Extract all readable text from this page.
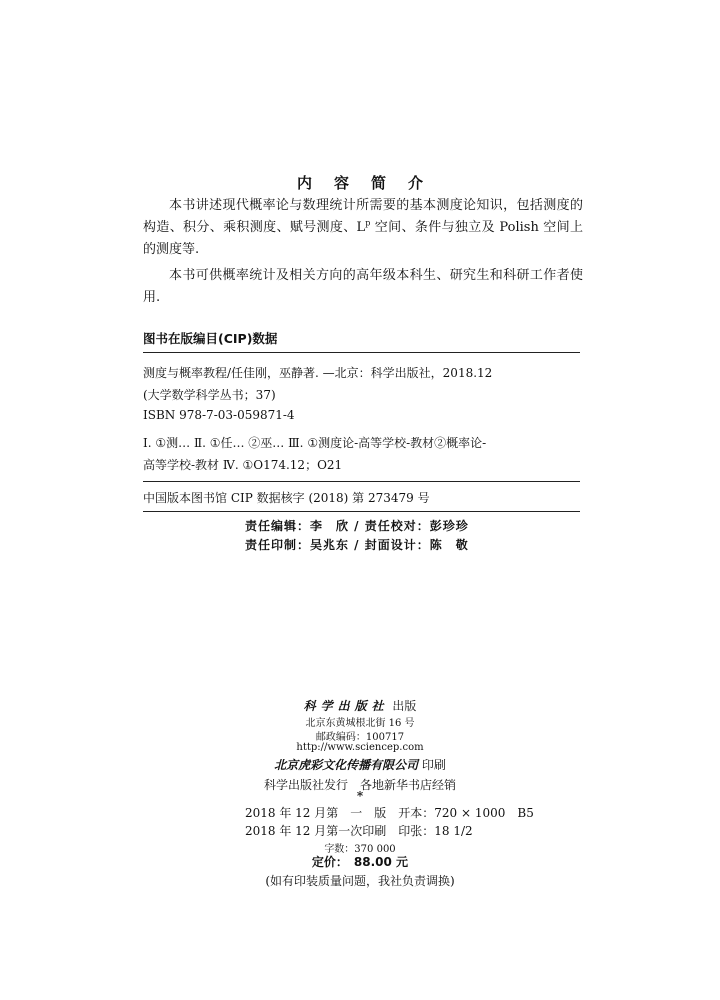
内容简介

本书讲述现代概率论与数理统计所需要的基本测度论知识，包括测度的构造、积分、乘积测度、赋号测度、$L^p$ 空间、条件与独立及 Polish 空间上的测度等.

本书可供概率统计及相关方向的高年级本科生、研究生和科研工作者使用.

图书在版编目(CIP)数据
测度与概率教程/任佳刚，巫静著. —北京：科学出版社，2018.12
(大学数学科学丛书；37)
ISBN 978-7-03-059871-4
Ⅰ. ①测… Ⅱ. ①任… ②巫… Ⅲ. ①测度论-高等学校-教材②概率论-
高等学校-教材 Ⅳ. ①O174.12；O21
中国版本图书馆 CIP 数据核字 (2018) 第 273479 号
责任编辑：李　欣 / 责任校对：彭珍珍
责任印制：吴兆东 / 封面设计：陈　敬
科学出版社 出版
北京东黄城根北街 16 号
邮政编码：100717
http://www.sciencep.com
北京虎彩文化传播有限公司 印刷
科学出版社发行　各地新华书店经销
*
2018 年 12 月第　一　版　开本：720 × 1000　B5
2018 年 12 月第一次印刷　印张：18 1/2
字数：370 000
定价：　88.00 元
(如有印装质量问题，我社负责调换)
